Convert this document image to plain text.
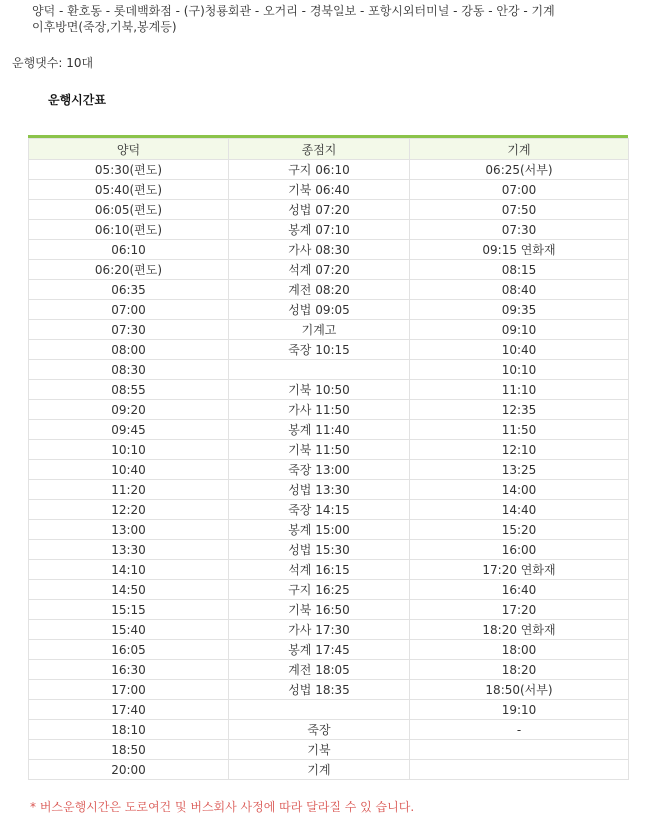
양덕 - 환호동 - 롯데백화점 - (구)청룡회관 - 오거리 - 경북일보 - 포항시외터미널 - 강동 - 안강 - 기계
이후방면(죽장,기북,봉계등)
운행댓수: 10대
운행시간표
양덕	종점지	기계
05:30(편도)	구지 06:10	06:25(서부)
05:40(편도)	기북 06:40	07:00
06:05(편도)	성법 07:20	07:50
06:10(편도)	봉계 07:10	07:30
06:10	가사 08:30	09:15 연화재
06:20(편도)	석계 07:20	08:15
06:35	계전 08:20	08:40
07:00	성법 09:05	09:35
07:30	기계고	09:10
08:00	죽장 10:15	10:40
08:30		10:10
08:55	기북 10:50	11:10
09:20	가사 11:50	12:35
09:45	봉계 11:40	11:50
10:10	기북 11:50	12:10
10:40	죽장 13:00	13:25
11:20	성법 13:30	14:00
12:20	죽장 14:15	14:40
13:00	봉계 15:00	15:20
13:30	성법 15:30	16:00
14:10	석계 16:15	17:20 연화재
14:50	구지 16:25	16:40
15:15	기북 16:50	17:20
15:40	가사 17:30	18:20 연화재
16:05	봉계 17:45	18:00
16:30	계전 18:05	18:20
17:00	성법 18:35	18:50(서부)
17:40		19:10
18:10	죽장	-
18:50	기북	
20:00	기계	
* 버스운행시간은 도로여건 및 버스회사 사정에 따라 달라질 수 있 습니다.
